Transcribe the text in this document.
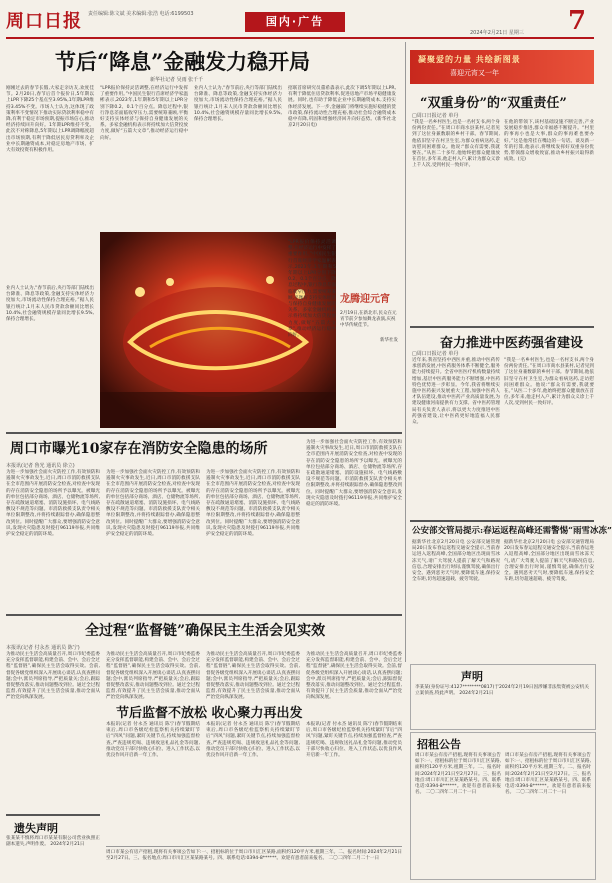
周口日报	责任编辑:陈文斌 美术编辑:张浩 电话:6199503
2024年2月21日 星期三
国内·广告	7
节后“降息”金融发力稳开局
新华社记者 吴雨 张千千
刚刚过去的春节长假,大家走亲访友,欢度佳节。2月20日,春节后首个报价日,5年期以上LPR下降25个基点至3.95%,1年期LPR维持3.45%不变。市场人士认为,这体现了政策利率不变情况下推动实际贷款利率稳中有降,有利于稳定市场预期,提振市场信心,推动经济持续回升向好。1年期LPR维持不变。此次不对称降息,5年期以上LPR调降幅度超出市场预期,有利于降低居民房贷利率及企业中长期融资成本,对稳定房地产市场、扩大有效投资有积极作用。
“LPR报价保持灵活调整,在经济运行中发挥了重要作用。”中国民生银行首席经济学家温彬表示,2023年,1年期和5年期以上LPR分别下降0.2、0.1个百分点。降息过程中,银行净息差面临收窄压力,需要统筹兼顾,平衡好支持实体经济与保持自身健康发展的关系。多家金融机构表示将持续加大信贷投放力度,做好“五篇大文章”,推动经济运行稳中向好。
业内人士认为,“春节前后,央行等部门陆续出台降准、降息等政策,金融支持实体经济力度加大,市场流动性保持合理充裕。”据人民银行统计,1月末人民币贷款余额同比增长10.4%,社会融资规模存量同比增长9.5%,保持合理增长。
招联首席研究员董希淼表示,此次下调5年期以上LPR,有利于降低住房贷款利率,促进房地产市场平稳健康发展。同时,也有助于降低企业中长期融资成本,支持实体经济发展。下一步,金融部门将继续实施好稳健的货币政策,保持流动性合理充裕,推动社会综合融资成本稳中有降,巩固和增强经济回升向好态势。(新华社北京2月20日电)
龙腾迎元宵
2月19日,在新北市,民众在元宵节前夕参加舞龙表演,庆祝中华传统佳节。
新华社发
业内人士认为,“春节前后,央行等部门陆续出台降准、降息等政策,金融支持实体经济力度加大,市场流动性保持合理充裕。”据人民银行统计,1月末人民币贷款余额同比增长10.4%,社会融资规模存量同比增长9.5%,保持合理增长。
“LPR报价保持灵活调整,在经济运行中发挥了重要作用。”中国民生银行首席经济学家温彬表示,2023年,1年期和5年期以上LPR分别下降0.2、0.1个百分点。降息过程中,银行净息差面临收窄压力,需要统筹兼顾,平衡好支持实体经济与保持自身健康发展的关系。多家金融机构表示将持续加大信贷投放力度,做好“五篇大文章”,推动经济运行稳中向好。
凝聚爱的力量 共绘新图景
喜迎元宵又一年
“双重身份”的“双重责任”
□周口日报记者 单丹
“我是一名乡村医生,也是一名村支书,两个身份两份责任。”在周口市商水县某村,记者见到了这位身兼数职的乡村干部。春节期间,他依旧坚守在村卫生室,为群众看病送药,走访慰问困难群众。他说:“群众有需要,我就要在。”从医二十多年,他始终把群众健康放在首位,多年来,他走村入户,累计为群众义诊上千人次,受到村民一致好评。
在他的带领下,该村基础设施不断完善,产业发展稳步推进,群众幸福感不断提升。“村里的事再小也是大事,群众的事再难也要办好。”这是他常挂在嘴边的一句话。谈及新一年的打算,他表示,将继续发挥好双重身份优势,带领群众增收致富,推动乡村振兴取得新成效。(完)
奋力推进中医药强省建设
□周口日报记者 单丹
近年来,我省坚持中西医并重,推动中医药传承创新发展,中医药服务体系不断健全,服务能力持续提升。全省中医医疗机构数量持续增加,基层中医药服务能力不断增强,中医药特色优势进一步彰显。今年,我省将继续实施中医药振兴发展重大工程,加强中医药人才队伍建设,推动中医药产业高质量发展,为建设健康河南提供有力支撑。省中医药管理局有关负责人表示,将以更大力度推进中医药强省建设,让中医药更好地造福人民群众。
“我是一名乡村医生,也是一名村支书,两个身份两份责任。”在周口市商水县某村,记者见到了这位身兼数职的乡村干部。春节期间,他依旧坚守在村卫生室,为群众看病送药,走访慰问困难群众。他说:“群众有需要,我就要在。”从医二十多年,他始终把群众健康放在首位,多年来,他走村入户,累计为群众义诊上千人次,受到村民一致好评。
周口市曝光10家存在消防安全隐患的场所
本报讯(记者 鲁光 通讯员 徐立)
为进一步加强社会面火灾防控工作,有效预防和遏制火灾事故发生,近日,周口市消防救援支队在全市范围内开展消防安全检查,对检查中发现的存在消防安全隐患的场所予以曝光。被曝光的单位包括部分商场、酒店、仓储物流等场所,存在疏散通道堵塞、消防设施损坏、电气线路敷设不规范等问题。市消防救援支队责令相关单位限期整改,并将持续跟踪督办,确保隐患整改到位。同时提醒广大群众,要增强消防安全意识,发现火灾隐患及时拨打96119举报,共同维护安全稳定的消防环境。
为进一步加强社会面火灾防控工作,有效预防和遏制火灾事故发生,近日,周口市消防救援支队在全市范围内开展消防安全检查,对检查中发现的存在消防安全隐患的场所予以曝光。被曝光的单位包括部分商场、酒店、仓储物流等场所,存在疏散通道堵塞、消防设施损坏、电气线路敷设不规范等问题。市消防救援支队责令相关单位限期整改,并将持续跟踪督办,确保隐患整改到位。同时提醒广大群众,要增强消防安全意识,发现火灾隐患及时拨打96119举报,共同维护安全稳定的消防环境。
为进一步加强社会面火灾防控工作,有效预防和遏制火灾事故发生,近日,周口市消防救援支队在全市范围内开展消防安全检查,对检查中发现的存在消防安全隐患的场所予以曝光。被曝光的单位包括部分商场、酒店、仓储物流等场所,存在疏散通道堵塞、消防设施损坏、电气线路敷设不规范等问题。市消防救援支队责令相关单位限期整改,并将持续跟踪督办,确保隐患整改到位。同时提醒广大群众,要增强消防安全意识,发现火灾隐患及时拨打96119举报,共同维护安全稳定的消防环境。
为进一步加强社会面火灾防控工作,有效预防和遏制火灾事故发生,近日,周口市消防救援支队在全市范围内开展消防安全检查,对检查中发现的存在消防安全隐患的场所予以曝光。被曝光的单位包括部分商场、酒店、仓储物流等场所,存在疏散通道堵塞、消防设施损坏、电气线路敷设不规范等问题。市消防救援支队责令相关单位限期整改,并将持续跟踪督办,确保隐患整改到位。同时提醒广大群众,要增强消防安全意识,发现火灾隐患及时拨打96119举报,共同维护安全稳定的消防环境。
公安部交管局提示:春运返程高峰还需警惕“雨雪冰冻”
据新华社北京2月20日电 公安部交通管理局20日发布春运返程交通安全提示,当前春运进入返程高峰,全国部分地区出现雨雪冰冻天气,请广大驾驶人提前了解天气和路况信息,合理安排出行时间,谨慎驾驶,确保出行安全。遇到恶劣天气时,要降低车速,保持安全车距,切勿超速超载、疲劳驾驶。
据新华社北京2月20日电 公安部交通管理局20日发布春运返程交通安全提示,当前春运进入返程高峰,全国部分地区出现雨雪冰冻天气,请广大驾驶人提前了解天气和路况信息,合理安排出行时间,谨慎驾驶,确保出行安全。遇到恶劣天气时,要降低车速,保持安全车距,切勿超速超载、疲劳驾驶。
全过程“监督链”确保民主生活会见实效
本报讯(记者 付永杰 通讯员 陈宁)
为推动民主生活会高质量召开,周口市纪委监委充分发挥监督职能,构建会前、会中、会后全过程“监督链”,确保民主生活会取得实效。会前,督促各级党组织深入开展谈心谈话,认真查摆问题;会中,派员列席指导,严把质量关;会后,跟踪督促整改落实,推动问题整改到位。通过全过程监督,有效提升了民主生活会质量,推动全面从严治党向纵深发展。
为推动民主生活会高质量召开,周口市纪委监委充分发挥监督职能,构建会前、会中、会后全过程“监督链”,确保民主生活会取得实效。会前,督促各级党组织深入开展谈心谈话,认真查摆问题;会中,派员列席指导,严把质量关;会后,跟踪督促整改落实,推动问题整改到位。通过全过程监督,有效提升了民主生活会质量,推动全面从严治党向纵深发展。
为推动民主生活会高质量召开,周口市纪委监委充分发挥监督职能,构建会前、会中、会后全过程“监督链”,确保民主生活会取得实效。会前,督促各级党组织深入开展谈心谈话,认真查摆问题;会中,派员列席指导,严把质量关;会后,跟踪督促整改落实,推动问题整改到位。通过全过程监督,有效提升了民主生活会质量,推动全面从严治党向纵深发展。
为推动民主生活会高质量召开,周口市纪委监委充分发挥监督职能,构建会前、会中、会后全过程“监督链”,确保民主生活会取得实效。会前,督促各级党组织深入开展谈心谈话,认真查摆问题;会中,派员列席指导,严把质量关;会后,跟踪督促整改落实,推动问题整改到位。通过全过程监督,有效提升了民主生活会质量,推动全面从严治党向纵深发展。
节后监督不放松 收心聚力再出发
本报讯(记者 付永杰 通讯员 陈宁)春节假期结束后,周口市各级纪检监察机关持续紧盯节后“四风”问题,紧盯关键节点,持续加强监督检查,严查违规吃喝、违规收送礼品礼金等问题,推动党员干部尽快收心归位、进入工作状态,以优良作风开启新一年工作。
本报讯(记者 付永杰 通讯员 陈宁)春节假期结束后,周口市各级纪检监察机关持续紧盯节后“四风”问题,紧盯关键节点,持续加强监督检查,严查违规吃喝、违规收送礼品礼金等问题,推动党员干部尽快收心归位、进入工作状态,以优良作风开启新一年工作。
本报讯(记者 付永杰 通讯员 陈宁)春节假期结束后,周口市各级纪检监察机关持续紧盯节后“四风”问题,紧盯关键节点,持续加强监督检查,严查违规吃喝、违规收送礼品礼金等问题,推动党员干部尽快收心归位、进入工作状态,以优良作风开启新一年工作。
遗失声明
张某某不慎将周口市某某有限公司营业执照正副本遗失,声明作废。 2024年2月21日
周口市某公有房产招租,现将有关事项公告如下:一、招租标的位于周口市川汇区某路,面积约120平方米,租期三年。二、报名时间:2024年2月21日至2月27日。三、报名地点:周口市川汇区某某路某号。四、联系电话:0394-8******。欢迎有意者前来报名。 二〇二四年二月二十一日
声明
李某某(身份证号:4127********0817)于2024年2月19日因涉嫌非法集资被公安机关立案侦查,特此声明。 2024年2月21日
招租公告
周口市某公有房产招租,现将有关事项公告如下:一、招租标的位于周口市川汇区某路,面积约120平方米,租期三年。二、报名时间:2024年2月21日至2月27日。三、报名地点:周口市川汇区某某路某号。四、联系电话:0394-8******。欢迎有意者前来报名。 二〇二四年二月二十一日
周口市某公有房产招租,现将有关事项公告如下:一、招租标的位于周口市川汇区某路,面积约120平方米,租期三年。二、报名时间:2024年2月21日至2月27日。三、报名地点:周口市川汇区某某路某号。四、联系电话:0394-8******。欢迎有意者前来报名。 二〇二四年二月二十一日
